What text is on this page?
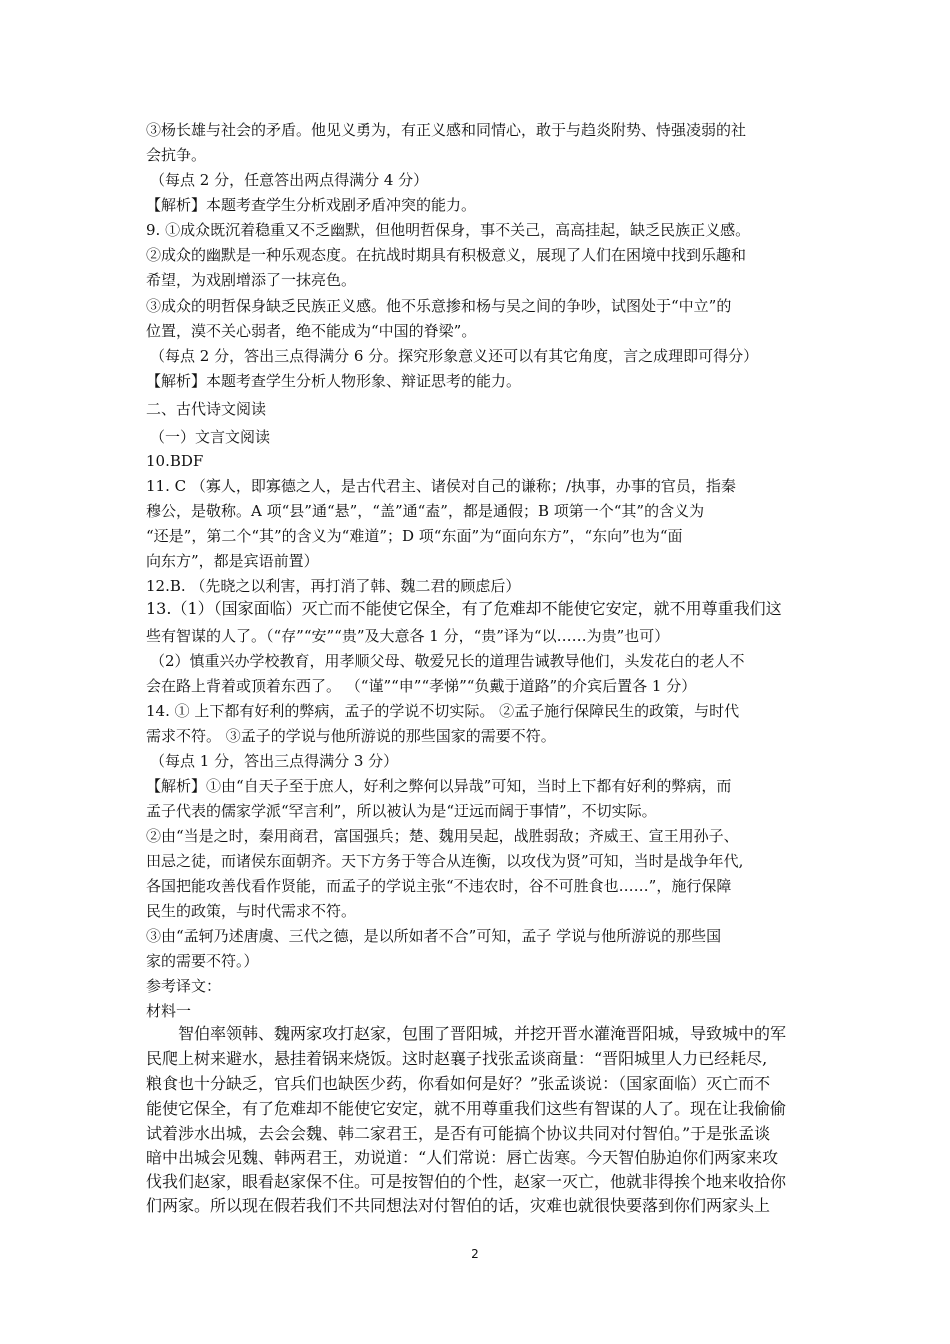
③杨长雄与社会的矛盾。他见义勇为，有正义感和同情心，敢于与趋炎附势、恃强凌弱的社
会抗争。
（每点 2 分，任意答出两点得满分 4 分）
【解析】本题考查学生分析戏剧矛盾冲突的能力。
9. ①成众既沉着稳重又不乏幽默，但他明哲保身，事不关己，高高挂起，缺乏民族正义感。
②成众的幽默是一种乐观态度。在抗战时期具有积极意义，展现了人们在困境中找到乐趣和
希望，为戏剧增添了一抹亮色。
③成众的明哲保身缺乏民族正义感。他不乐意掺和杨与吴之间的争吵，试图处于“中立”的
位置，漠不关心弱者，绝不能成为“中国的脊梁”。
（每点 2 分，答出三点得满分 6 分。探究形象意义还可以有其它角度，言之成理即可得分）
【解析】本题考查学生分析人物形象、辩证思考的能力。
二、古代诗文阅读
（一）文言文阅读
10.BDF
11. C （寡人，即寡德之人，是古代君主、诸侯对自己的谦称；/执事，办事的官员，指秦
穆公，是敬称。A 项“县”通“悬”，“盖”通“盍”，都是通假；B 项第一个“其”的含义为
“还是”，第二个“其”的含义为“难道”；D 项“东面”为“面向东方”，“东向”也为“面
向东方”，都是宾语前置）
12.B. （先晓之以利害，再打消了韩、魏二君的顾虑后）
13.（1）（国家面临）灭亡而不能使它保全，有了危难却不能使它安定，就不用尊重我们这
些有智谋的人了。（“存”“安”“贵”及大意各 1 分，“贵”译为“以……为贵”也可）
（2）慎重兴办学校教育，用孝顺父母、敬爱兄长的道理告诫教导他们，头发花白的老人不
会在路上背着或顶着东西了。 （“谨”“申”“孝悌”“负戴于道路”的介宾后置各 1 分）
14. ① 上下都有好利的弊病，孟子的学说不切实际。 ②孟子施行保障民生的政策，与时代
需求不符。 ③孟子的学说与他所游说的那些国家的需要不符。
（每点 1 分，答出三点得满分 3 分）
【解析】①由“自天子至于庶人，好利之弊何以异哉”可知，当时上下都有好利的弊病，而
孟子代表的儒家学派“罕言利”，所以被认为是“迂远而阔于事情”，不切实际。
②由“当是之时，秦用商君，富国强兵；楚、魏用吴起，战胜弱敌；齐威王、宣王用孙子、
田忌之徒，而诸侯东面朝齐。天下方务于等合从连衡，以攻伐为贤”可知，当时是战争年代,
各国把能攻善伐看作贤能，而孟子的学说主张“不违农时，谷不可胜食也……”，施行保障
民生的政策，与时代需求不符。
③由“孟轲乃述唐虞、三代之德，是以所如者不合”可知，孟子 学说与他所游说的那些国
家的需要不符。）
参考译文：
材料一
智伯率领韩、魏两家攻打赵家，包围了晋阳城，并挖开晋水灌淹晋阳城，导致城中的军
民爬上树来避水，悬挂着锅来烧饭。这时赵襄子找张孟谈商量：“晋阳城里人力已经耗尽,
粮食也十分缺乏，官兵们也缺医少药，你看如何是好？”张孟谈说：（国家面临）灭亡而不
能使它保全，有了危难却不能使它安定，就不用尊重我们这些有智谋的人了。现在让我偷偷
试着涉水出城，去会会魏、韩二家君王，是否有可能搞个协议共同对付智伯。”于是张孟谈
暗中出城会见魏、韩两君王，劝说道：“人们常说：唇亡齿寒。今天智伯胁迫你们两家来攻
伐我们赵家，眼看赵家保不住。可是按智伯的个性，赵家一灭亡，他就非得挨个地来收拾你
们两家。所以现在假若我们不共同想法对付智伯的话，灾难也就很快要落到你们两家头上
2
